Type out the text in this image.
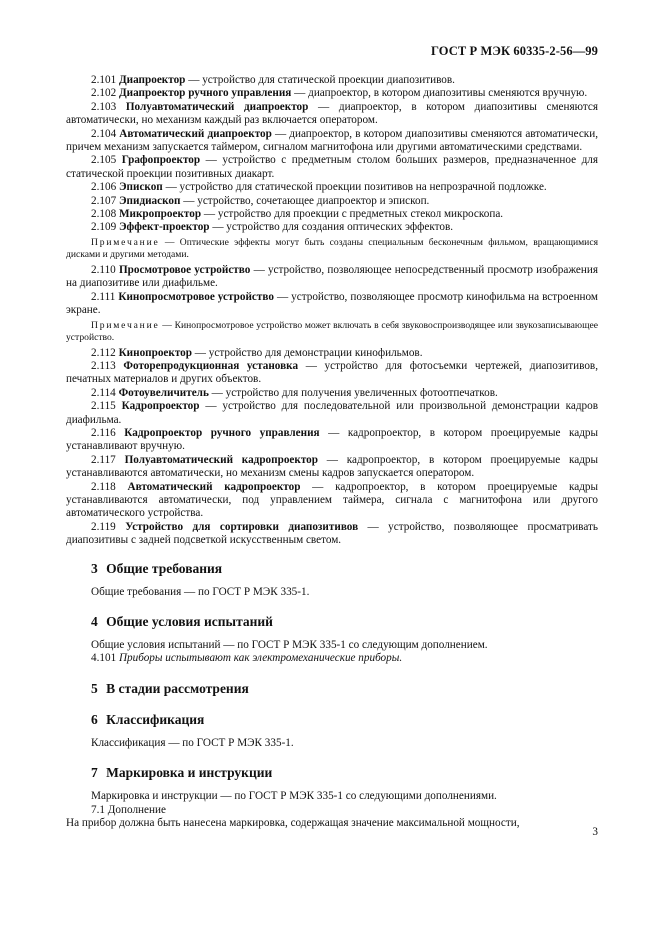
ГОСТ Р МЭК 60335-2-56—99

2.101 Диапроектор — устройство для статической проекции диапозитивов.

2.102 Диапроектор ручного управления — диапроектор, в котором диапозитивы сменяются вручную.

2.103 Полуавтоматический диапроектор — диапроектор, в котором диапозитивы сменяются автоматически, но механизм каждый раз включается оператором.

2.104 Автоматический диапроектор — диапроектор, в котором диапозитивы сменяются автоматически, причем механизм запускается таймером, сигналом магнитофона или другими автоматическими средствами.

2.105 Графопроектор — устройство с предметным столом больших размеров, предназначенное для статической проекции позитивных диакарт.

2.106 Эпископ — устройство для статической проекции позитивов на непрозрачной подложке.

2.107 Эпидиаскоп — устройство, сочетающее диапроектор и эпископ.

2.108 Микропроектор — устройство для проекции с предметных стекол микроскопа.

2.109 Эффект-проектор — устройство для создания оптических эффектов.

Примечание — Оптические эффекты могут быть созданы специальным бесконечным фильмом, вращающимися дисками и другими методами.

2.110 Просмотровое устройство — устройство, позволяющее непосредственный просмотр изображения на диапозитиве или диафильме.

2.111 Кинопросмотровое устройство — устройство, позволяющее просмотр кинофильма на встроенном экране.

Примечание — Кинопросмотровое устройство может включать в себя звуковоспроизводящее или звукозаписывающее устройство.

2.112 Кинопроектор — устройство для демонстрации кинофильмов.

2.113 Фоторепродукционная установка — устройство для фотосъемки чертежей, диапозитивов, печатных материалов и других объектов.

2.114 Фотоувеличитель — устройство для получения увеличенных фотоотпечатков.

2.115 Кадропроектор — устройство для последовательной или произвольной демонстрации кадров диафильма.

2.116 Кадропроектор ручного управления — кадропроектор, в котором проецируемые кадры устанавливают вручную.

2.117 Полуавтоматический кадропроектор — кадропроектор, в котором проецируемые кадры устанавливаются автоматически, но механизм смены кадров запускается оператором.

2.118 Автоматический кадропроектор — кадропроектор, в котором проецируемые кадры устанавливаются автоматически, под управлением таймера, сигнала с магнитофона или другого автоматического устройства.

2.119 Устройство для сортировки диапозитивов — устройство, позволяющее просматривать диапозитивы с задней подсветкой искусственным светом.

3 Общие требования

Общие требования — по ГОСТ Р МЭК 335-1.

4 Общие условия испытаний

Общие условия испытаний — по ГОСТ Р МЭК 335-1 со следующим дополнением.

4.101 Приборы испытывают как электромеханические приборы.

5 В стадии рассмотрения
6 Классификация

Классификация — по ГОСТ Р МЭК 335-1.

7 Маркировка и инструкции

Маркировка и инструкции — по ГОСТ Р МЭК 335-1 со следующими дополнениями.

7.1 Дополнение

На прибор должна быть нанесена маркировка, содержащая значение максимальной мощности,

3
